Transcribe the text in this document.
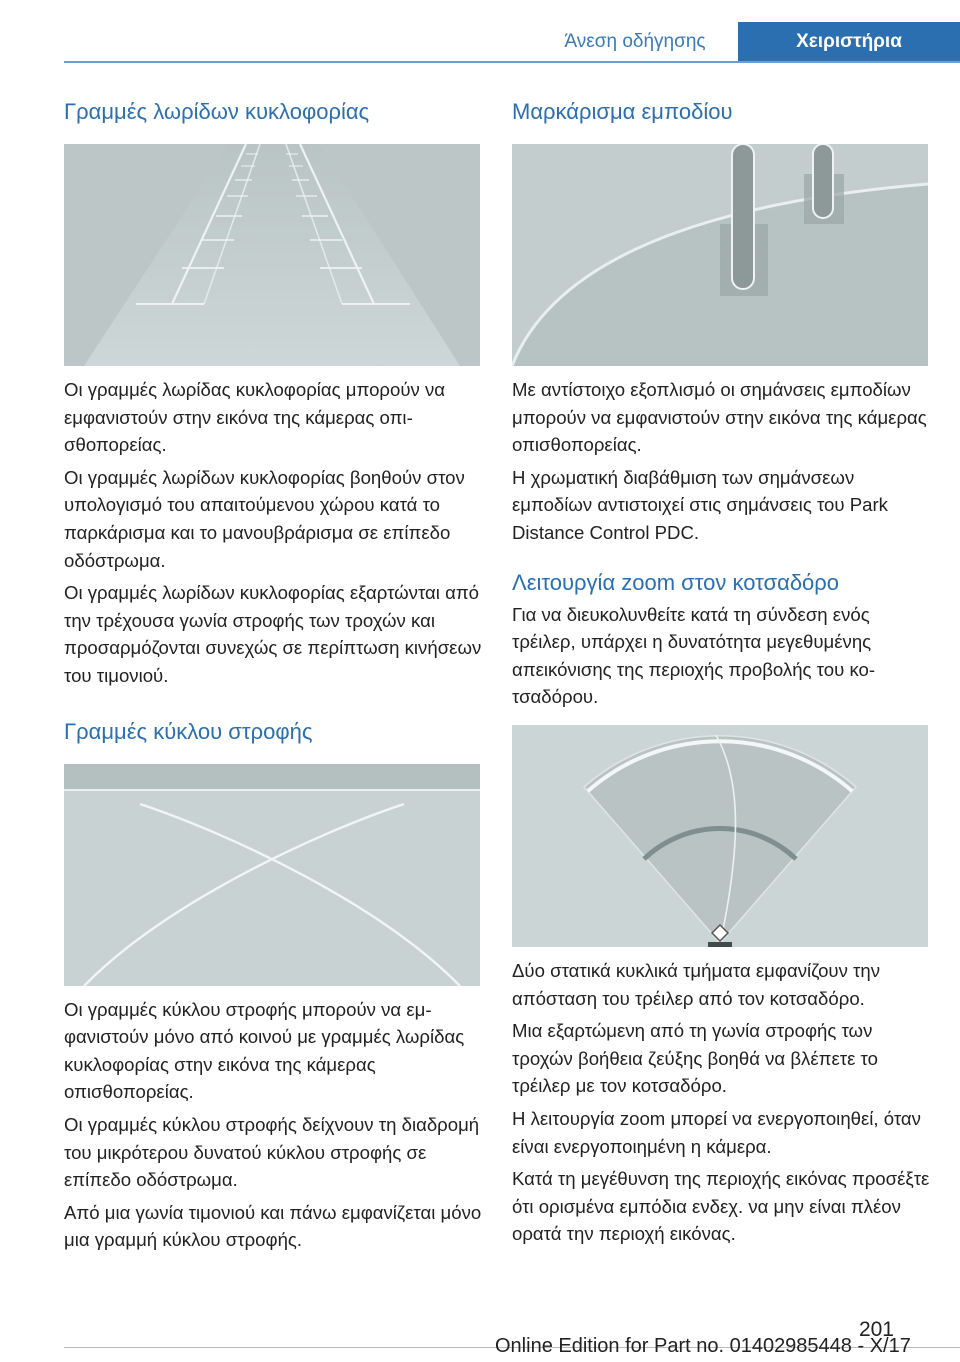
Άνεση οδήγησης	Χειριστήρια
Γραμμές λωρίδων κυκλοφορίας

Οι γραμμές λωρίδας κυκλοφορίας μπορούν να εμφανιστούν στην εικόνα της κάμερας οπισθοπορείας.

Οι γραμμές λωρίδων κυκλοφορίας βοηθούν στον υπολογισμό του απαιτούμενου χώρου κατά το παρκάρισμα και το μανουβράρισμα σε επίπεδο οδόστρωμα.

Οι γραμμές λωρίδων κυκλοφορίας εξαρτώνται από την τρέχουσα γωνία στροφής των τροχών και προσαρμόζονται συνεχώς σε περίπτωση κινήσεων του τιμονιού.

Γραμμές κύκλου στροφής

Οι γραμμές κύκλου στροφής μπορούν να εμφανιστούν μόνο από κοινού με γραμμές λωρίδας κυκλοφορίας στην εικόνα της κάμερας οπισθοπορείας.

Οι γραμμές κύκλου στροφής δείχνουν τη διαδρομή του μικρότερου δυνατού κύκλου στροφής σε επίπεδο οδόστρωμα.

Από μια γωνία τιμονιού και πάνω εμφανίζεται μόνο μια γραμμή κύκλου στροφής.

Μαρκάρισμα εμποδίου

Με αντίστοιχο εξοπλισμό οι σημάνσεις εμποδίων μπορούν να εμφανιστούν στην εικόνα της κάμερας οπισθοπορείας.

Η χρωματική διαβάθμιση των σημάνσεων εμποδίων αντιστοιχεί στις σημάνσεις του Park Distance Control PDC.

Λειτουργία zoom στον κοτσαδόρο

Για να διευκολυνθείτε κατά τη σύνδεση ενός τρέιλερ, υπάρχει η δυνατότητα μεγεθυμένης απεικόνισης της περιοχής προβολής του κοτσαδόρου.

Δύο στατικά κυκλικά τμήματα εμφανίζουν την απόσταση του τρέιλερ από τον κοτσαδόρο.

Μια εξαρτώμενη από τη γωνία στροφής των τροχών βοήθεια ζεύξης βοηθά να βλέπετε το τρέιλερ με τον κοτσαδόρο.

Η λειτουργία zoom μπορεί να ενεργοποιηθεί, όταν είναι ενεργοποιημένη η κάμερα.

Κατά τη μεγέθυνση της περιοχής εικόνας προσέξτε ότι ορισμένα εμπόδια ενδεχ. να μην είναι πλέον ορατά την περιοχή εικόνας.

201
Online Edition for Part no. 01402985448 - X/17
